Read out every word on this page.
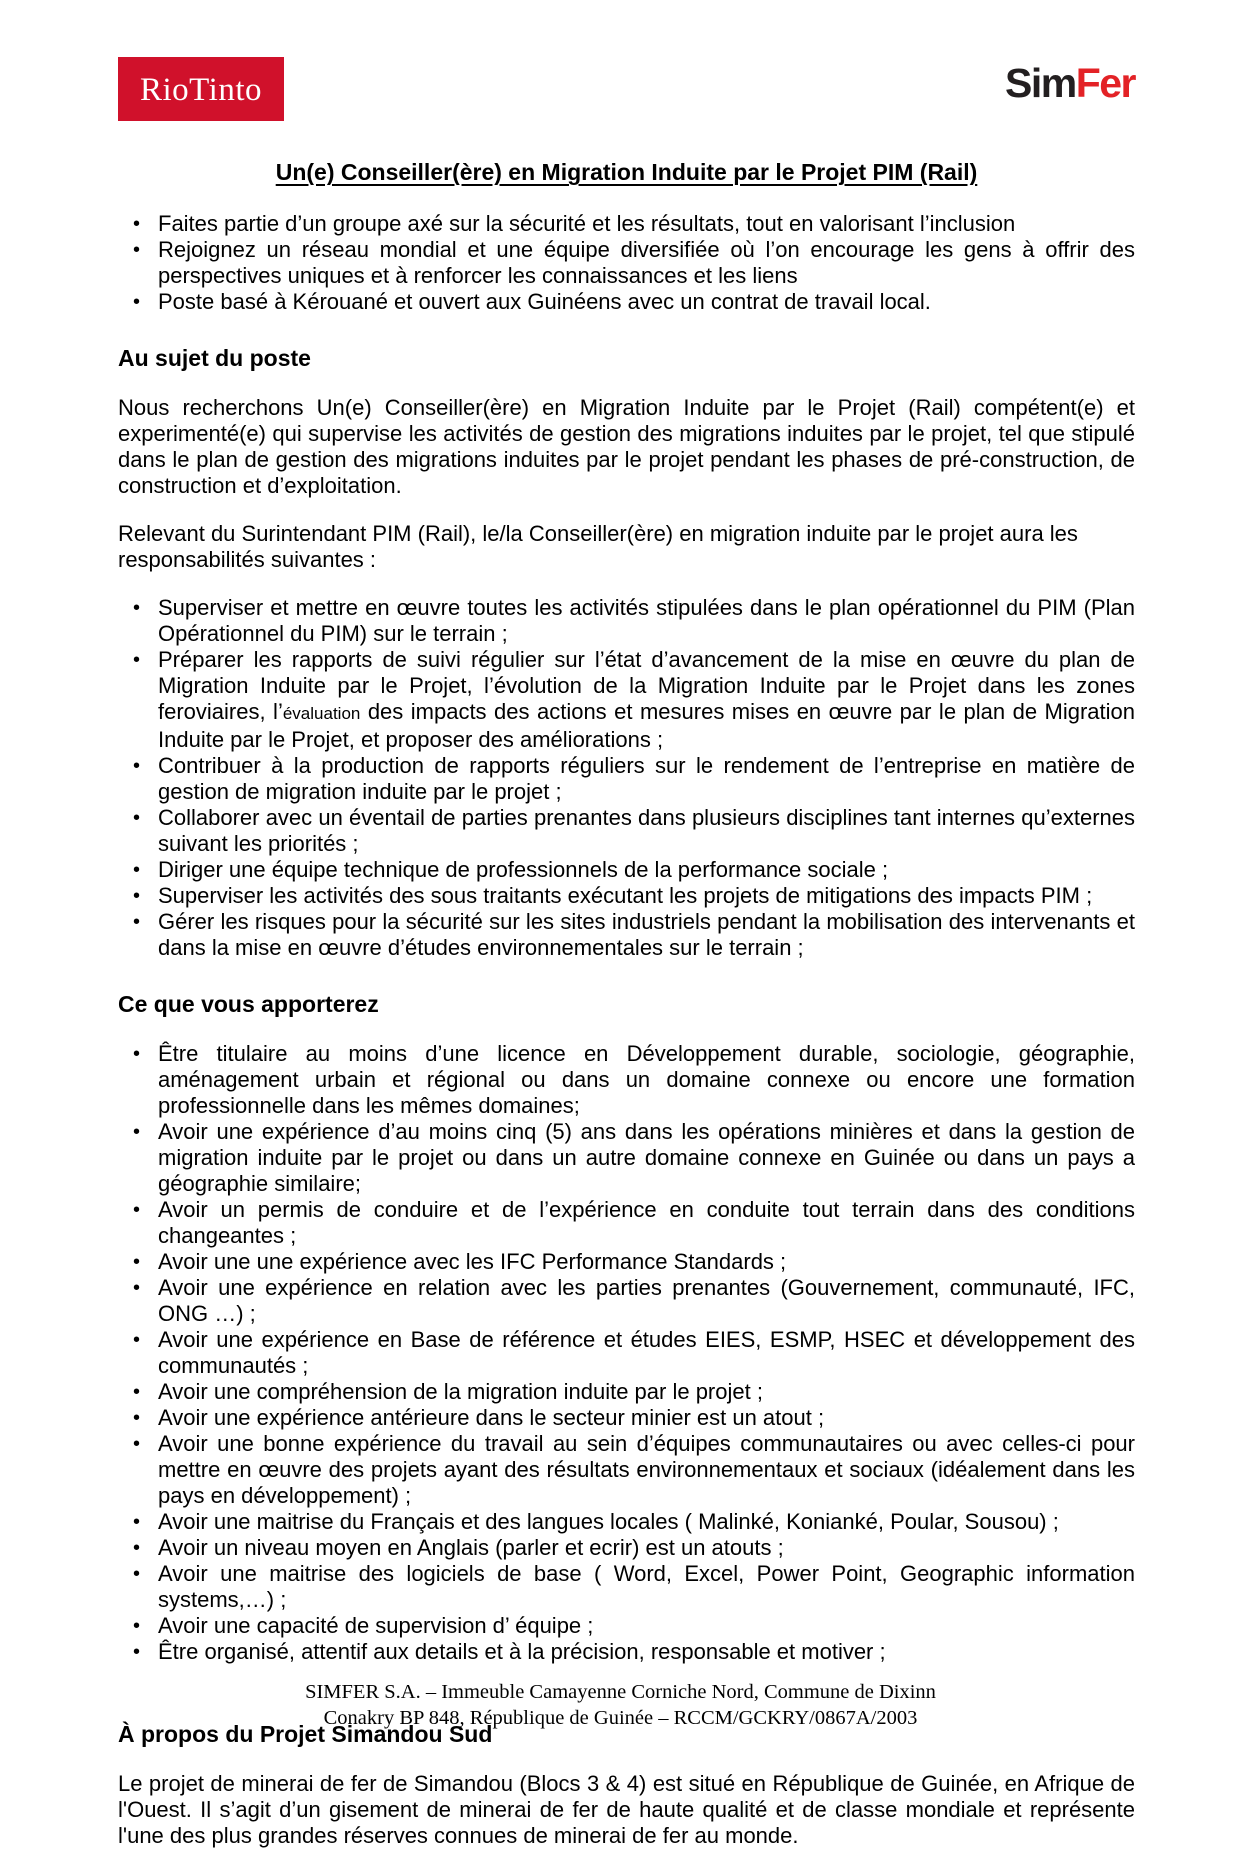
RioTinto	SimFer
Un(e) Conseiller(ère) en Migration Induite par le Projet PIM (Rail)
• Faites partie d’un groupe axé sur la sécurité et les résultats, tout en valorisant l’inclusion
• Rejoignez un réseau mondial et une équipe diversifiée où l’on encourage les gens à offrir des perspectives uniques et à renforcer les connaissances et les liens
• Poste basé à Kérouané et ouvert aux Guinéens avec un contrat de travail local.
Au sujet du poste

Nous recherchons Un(e) Conseiller(ère) en Migration Induite par le Projet (Rail) compétent(e) et experimenté(e) qui supervise les activités de gestion des migrations induites par le projet, tel que stipulé dans le plan de gestion des migrations induites par le projet pendant les phases de pré-construction, de construction et d’exploitation.

Relevant du Surintendant PIM (Rail), le/la Conseiller(ère) en migration induite par le projet aura les responsabilités suivantes :

• Superviser et mettre en œuvre toutes les activités stipulées dans le plan opérationnel du PIM (Plan Opérationnel du PIM) sur le terrain ;
• Préparer les rapports de suivi régulier sur l’état d’avancement de la mise en œuvre du plan de Migration Induite par le Projet, l’évolution de la Migration Induite par le Projet dans les zones feroviaires, l’évaluation des impacts des actions et mesures mises en œuvre par le plan de Migration Induite par le Projet, et proposer des améliorations ;
• Contribuer à la production de rapports réguliers sur le rendement de l’entreprise en matière de gestion de migration induite par le projet ;
• Collaborer avec un éventail de parties prenantes dans plusieurs disciplines tant internes qu’externes suivant les priorités ;
• Diriger une équipe technique de professionnels de la performance sociale ;
• Superviser les activités des sous traitants exécutant les projets de mitigations des impacts PIM ;
• Gérer les risques pour la sécurité sur les sites industriels pendant la mobilisation des intervenants et dans la mise en œuvre d’études environnementales sur le terrain ;
Ce que vous apporterez
• Être titulaire au moins d’une licence en Développement durable, sociologie, géographie, aménagement urbain et régional ou dans un domaine connexe ou encore une formation professionnelle dans les mêmes domaines;
• Avoir une expérience d’au moins cinq (5) ans dans les opérations minières et dans la gestion de migration induite par le projet ou dans un autre domaine connexe en Guinée ou dans un pays a géographie similaire;
• Avoir un permis de conduire et de l’expérience en conduite tout terrain dans des conditions changeantes ;
• Avoir une une expérience avec les IFC Performance Standards ;
• Avoir une expérience en relation avec les parties prenantes (Gouvernement, communauté, IFC, ONG …) ;
• Avoir une expérience en Base de référence et études EIES, ESMP, HSEC et développement des communautés ;
• Avoir une compréhension de la migration induite par le projet ;
• Avoir une expérience antérieure dans le secteur minier est un atout ;
• Avoir une bonne expérience du travail au sein d’équipes communautaires ou avec celles-ci pour mettre en œuvre des projets ayant des résultats environnementaux et sociaux (idéalement dans les pays en développement) ;
• Avoir une maitrise du Français et des langues locales ( Malinké, Konianké, Poular, Sousou) ;
• Avoir un niveau moyen en Anglais (parler et ecrir) est un atouts ;
• Avoir une maitrise des logiciels de base ( Word, Excel, Power Point, Geographic information systems,…) ;
• Avoir une capacité de supervision d’ équipe ;
• Être organisé, attentif aux details et à la précision, responsable et motiver ;
À propos du Projet Simandou Sud

Le projet de minerai de fer de Simandou (Blocs 3 & 4) est situé en République de Guinée, en Afrique de l'Ouest. Il s’agit d’un gisement de minerai de fer de haute qualité et de classe mondiale et représente l'une des plus grandes réserves connues de minerai de fer au monde.

SIMFER S.A. – Immeuble Camayenne Corniche Nord, Commune de Dixinn
Conakry BP 848, République de Guinée – RCCM/GCKRY/0867A/2003
